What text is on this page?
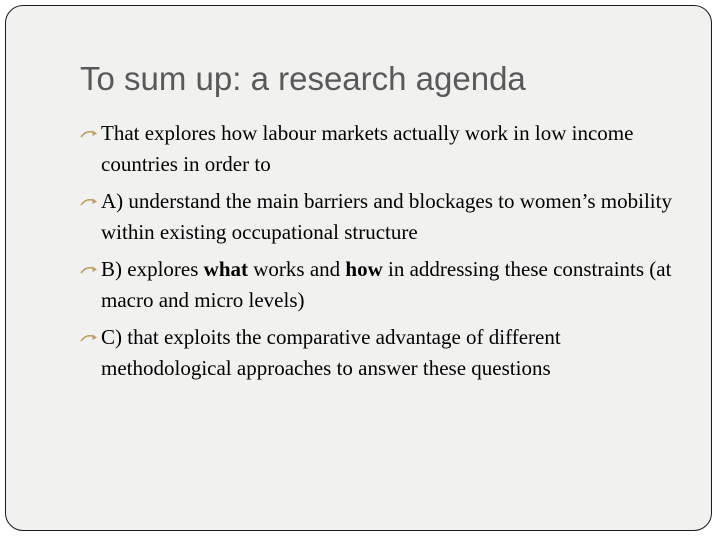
To sum up: a research agenda
That explores how labour markets actually work in low income countries in order to
A) understand the main barriers and blockages to women’s mobility within existing occupational structure
B) explores what works and how in addressing these constraints (at macro and micro levels)
C) that exploits the comparative advantage of different methodological approaches to answer these questions
